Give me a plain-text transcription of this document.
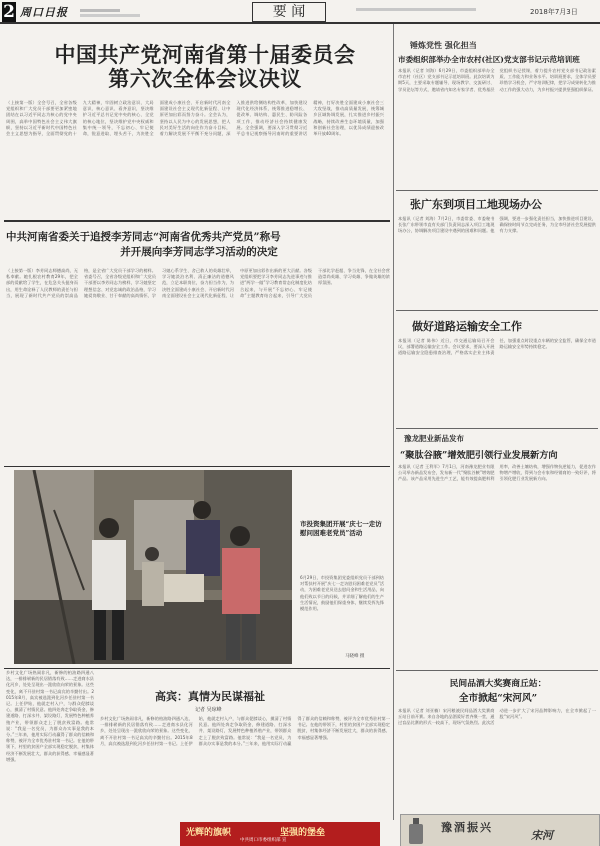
2 周口日报	要 闻	2018年7月3日
中国共产党河南省第十届委员会
第六次全体会议决议
（上接第一版）全会号召，全省各级党组织和广大党员干部要更加紧密地团结在以习近平同志为核心的党中央周围，高举中国特色社会主义伟大旗帜，坚持以习近平新时代中国特色社会主义思想为指导，全面贯彻党的十九大精神，牢固树立政治意识、大局意识、核心意识、看齐意识，坚决维护习近平总书记党中央的核心、全党的核心地位，坚决维护党中央权威和集中统一领导，不忘初心、牢记使命，锐意进取、埋头苦干，为决胜全面建成小康社会、开启新时代河南全面建设社会主义现代化新征程、让中原更加出彩而努力奋斗。全会认为，坚持以人民为中心的发展思想，把人民对美好生活的向往作为奋斗目标，着力解决发展不平衡不充分问题，深入推进供给侧结构性改革，加快建设现代化经济体系，统筹推进稳增长、促改革、调结构、惠民生、防风险各项工作，推动经济社会持续健康发展。全会强调，要深入学习贯彻习近平总书记视察指导河南时的重要讲话精神，打好决胜全面建成小康社会三大攻坚战，推动高质量发展，统筹城乡区域协调发展，扎实推进乡村振兴战略，持续改善生态环境质量，加强和创新社会治理，以优异成绩迎接改革开放40周年。
中共河南省委关于追授李芳同志“河南省优秀共产党员”称号
并开展向李芳同志学习活动的决定
（上接第一版）李芳同志师德高尚，无私奉献。她扎根农村教育29年，把全部的爱献给了学生，在危急关头挺身而出，用生命诠释了人民教师的责任与担当，展现了新时代共产党员的崇高品格，是全省广大党员干部学习的榜样。省委号召，全省各级党组织和广大党员干部要以李芳同志为榜样，学习她坚定理想信念、对党忠诚的政治品格，学习她爱岗敬业、甘于奉献的高尚情怀，学习她心系学生、舍己救人的英雄壮举，学习她淡泊名利、清正廉洁的道德风范，立足本职岗位，奋力担当作为，为决胜全面建成小康社会、开启新时代河南全面建设社会主义现代化新征程、让中原更加出彩作出新的更大贡献。各级党组织要把学习李芳同志先进事迹与推进“两学一做”学习教育常态化制度化结合起来，与开展“不忘初心、牢记使命”主题教育结合起来，引导广大党员干部比学赶超、争当先锋，在全社会营造崇尚英雄、学习英雄、争做英雄的浓厚氛围。
市投资集团开展“庆七一走访慰问困难老党员”活动
6月29日，市投资集团党委组织党员干部到结对帮扶村开展“庆七一走访慰问困难老党员”活动，为困难老党员送去慰问金和生活用品，向他们致以节日的问候，并详细了解他们的生产生活情况，鼓励他们保重身体，继续发挥先锋模范作用。
马晓峰 摄
高宾：真情为民谋福祉
记者 吴琼峰
乡村文化广场热闹非凡，新修的柏油路四通八达，一排排崭新的民居错落有致……走进商水县化河乡，处处呈现出一派欣欣向荣的景象。这些变化，离不开驻村第一书记高宾的辛勤付出。2015年8月，高宾被选派到化河乡任驻村第一书记。上任伊始，他就走村入户，与群众促膝谈心，摸清了村情民意。他四处奔走争取资金，修建道路、打深水井、架设路灯，发展特色种植养殖产业，带领群众走上了脱贫致富路。他常说：“我是一名党员，为群众办实事是我的本分。”三年来，他用实际行动赢得了群众的信赖和称赞，被评为全市优秀驻村第一书记。在他的带领下，村里的贫困户全部实现稳定脱贫，村集体经济不断发展壮大，群众的获得感、幸福感显著增强。
乡村文化广场热闹非凡，新修的柏油路四通八达，一排排崭新的民居错落有致……走进商水县化河乡，处处呈现出一派欣欣向荣的景象。这些变化，离不开驻村第一书记高宾的辛勤付出。2015年8月，高宾被选派到化河乡任驻村第一书记。上任伊始，他就走村入户，与群众促膝谈心，摸清了村情民意。他四处奔走争取资金，修建道路、打深水井、架设路灯，发展特色种植养殖产业，带领群众走上了脱贫致富路。他常说：“我是一名党员，为群众办实事是我的本分。”三年来，他用实际行动赢得了群众的信赖和称赞，被评为全市优秀驻村第一书记。在他的带领下，村里的贫困户全部实现稳定脱贫，村集体经济不断发展壮大，群众的获得感、幸福感显著增强。
锤炼党性 强化担当
市委组织部举办全市农村(社区)党支部书记示范培训班
本报讯（记者 刘海）6月29日，市委组织部举办全市农村（社区）党支部书记示范培训班。此次培训为期5天，主要采取专题辅导、现场教学、交流研讨、学员论坛等方式，邀请省内知名专家学者、优秀基层党组织书记授课，着力提升农村党支部书记政治素质、工作能力和业务水平。培训班要求，全体学员要珍惜学习机会，严守培训纪律，把学习成果转化为推动工作的强大动力，为乡村振兴提供坚强组织保证。
张广东到项目工地现场办公
本报讯（记者 刘海）7月2日，市委常委、市委秘书长张广东带领市直有关部门负责同志深入项目工地现场办公，协调解决项目建设中遇到的困难和问题。他强调，要进一步强化责任担当，加快推进项目建设，确保按时间节点完成任务，为全市经济社会发展提供有力支撑。
做好道路运输安全工作
本报讯（记者 陈伟）近日，市交通运输局召开会议，部署道路运输安全工作。会议要求，要深入开展道路运输安全隐患排查治理，严格落实企业主体责任，加强重点时段重点车辆的安全监管，确保全市道路运输安全形势持续稳定。
豫龙肥业新品发布
“聚肽谷腋”增效肥引领行业发展新方向
本报讯（记者 王利军）7月1日，河南豫龙肥业有限公司举办新品发布会，发布新一代“聚肽谷腋”增效肥产品。该产品采用先进生产工艺，能有效提高肥料利用率，改善土壤结构，增强作物抗逆能力，促进农作物增产增收，得到与会专家和经销商的一致好评，将引领化肥行业发展新方向。
民间品酒大奖赛商丘站：
全市掀起“宋河风”
本报讯（记者 刘亚楠）宋河粮液民间品酒大奖赛商丘站日前开赛。来自各地的品酒爱好者齐聚一堂，通过盲品比赛的形式一较高下，现场气氛热烈。此次活动进一步扩大了宋河品牌影响力，在全市掀起了一股“宋河风”。
光辉的旗帜	坚强的堡垒
中共周口市委组织部 宣
豫酒振兴
宋河
